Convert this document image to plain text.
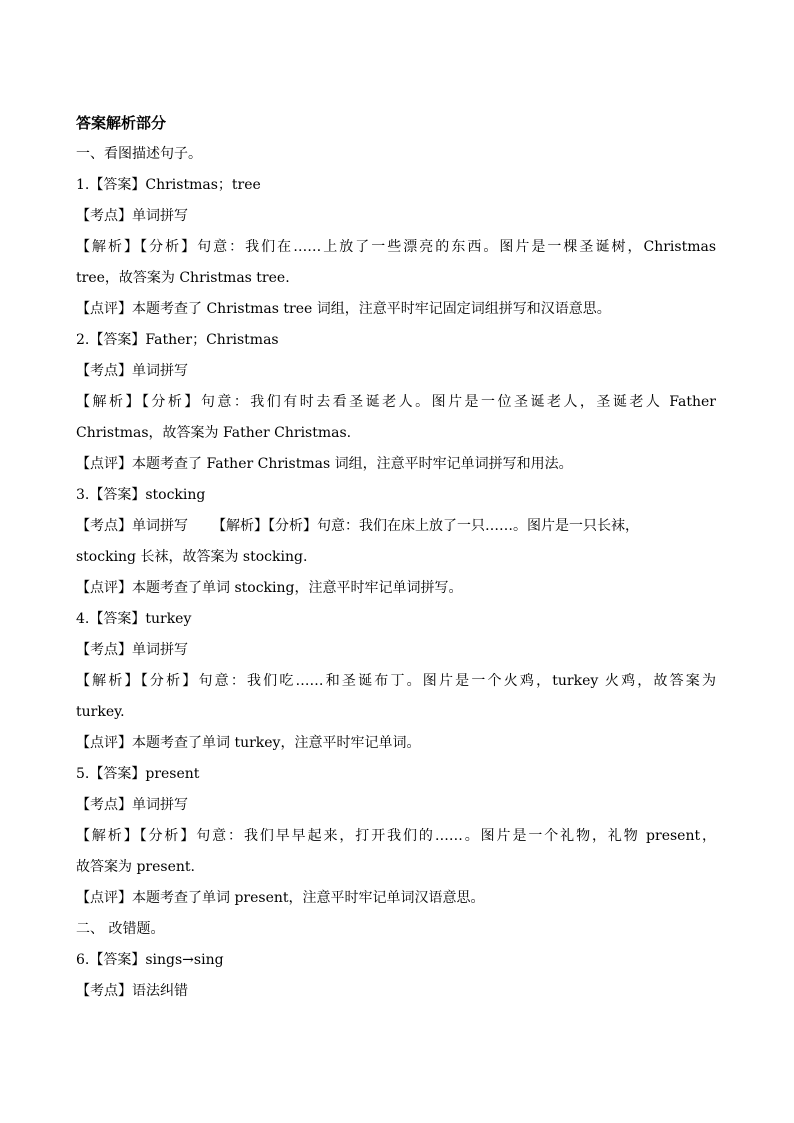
答案解析部分
一、看图描述句子。
1.【答案】Christmas；tree
【考点】单词拼写
【解析】【分析】句意：我们在……上放了一些漂亮的东西。图片是一棵圣诞树，Christmas
tree，故答案为 Christmas tree.
【点评】本题考查了 Christmas tree 词组，注意平时牢记固定词组拼写和汉语意思。
2.【答案】Father；Christmas
【考点】单词拼写
【解析】【分析】句意：我们有时去看圣诞老人。图片是一位圣诞老人，圣诞老人 Father
Christmas，故答案为 Father Christmas.
【点评】本题考查了 Father Christmas 词组，注意平时牢记单词拼写和用法。
3.【答案】stocking
【考点】单词拼写 【解析】【分析】句意：我们在床上放了一只……。图片是一只长袜，
stocking 长袜，故答案为 stocking.
【点评】本题考查了单词 stocking，注意平时牢记单词拼写。
4.【答案】turkey
【考点】单词拼写
【解析】【分析】句意：我们吃……和圣诞布丁。图片是一个火鸡，turkey 火鸡，故答案为
turkey.
【点评】本题考查了单词 turkey，注意平时牢记单词。
5.【答案】present
【考点】单词拼写
【解析】【分析】句意：我们早早起来，打开我们的……。图片是一个礼物，礼物 present，
故答案为 present.
【点评】本题考查了单词 present，注意平时牢记单词汉语意思。
二、 改错题。
6.【答案】sings→sing
【考点】语法纠错
